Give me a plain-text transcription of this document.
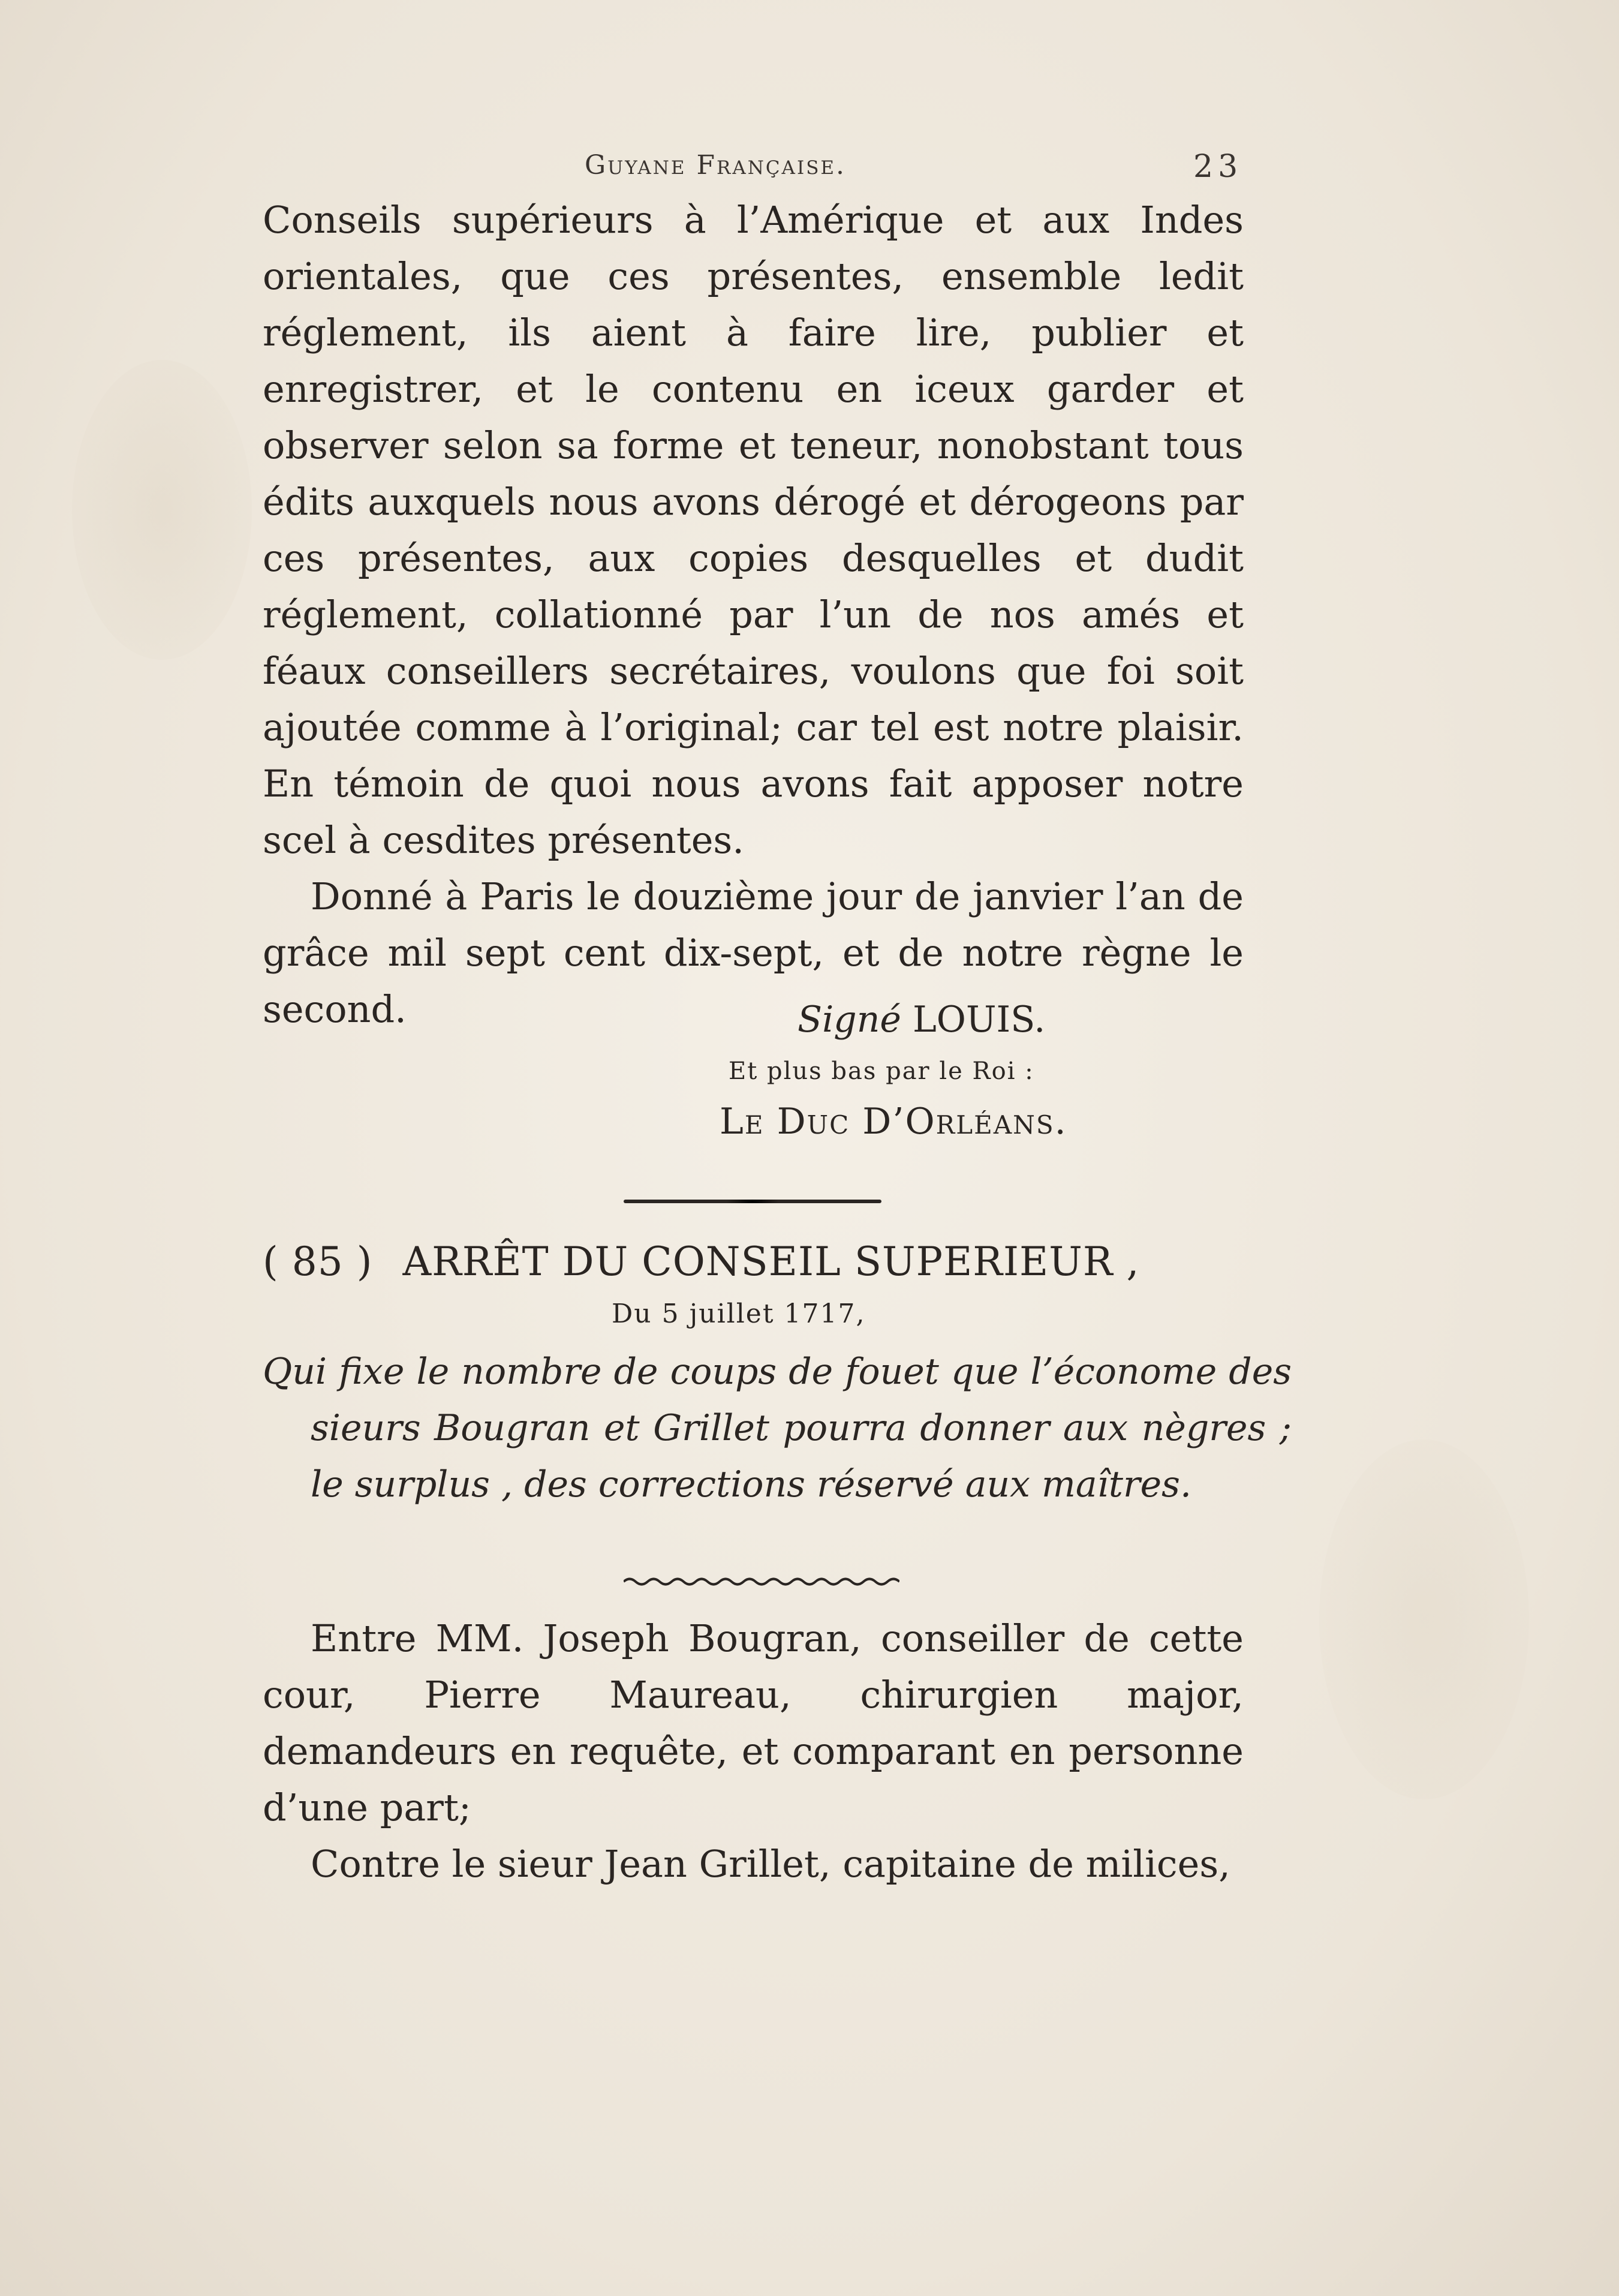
Guyane Française.	23

Conseils supérieurs à l’Amérique et aux Indes orientales, que ces présentes, ensemble ledit réglement, ils aient à faire lire, publier et enregistrer, et le contenu en iceux garder et observer selon sa forme et teneur, nonobstant tous édits auxquels nous avons dérogé et dérogeons par ces présentes, aux copies desquelles et dudit réglement, collationné par l’un de nos amés et féaux conseillers secrétaires, voulons que foi soit ajoutée comme à l’original; car tel est notre plaisir. En témoin de quoi nous avons fait apposer notre scel à cesdites présentes.

Donné à Paris le douzième jour de janvier l’an de grâce mil sept cent dix-sept, et de notre règne le second.	Signé LOUIS.
Et plus bas par le Roi :
Le Duc D’Orléans.
( 85 ) ARRÊT DU CONSEIL SUPERIEUR ,
Du 5 juillet 1717,

Qui fixe le nombre de coups de fouet que l’économe des sieurs Bougran et Grillet pourra donner aux nègres ; le surplus , des corrections réservé aux maîtres.

Entre MM. Joseph Bougran, conseiller de cette cour, Pierre Maureau, chirurgien major, demandeurs en requête, et comparant en personne d’une part;

Contre le sieur Jean Grillet, capitaine de milices,
